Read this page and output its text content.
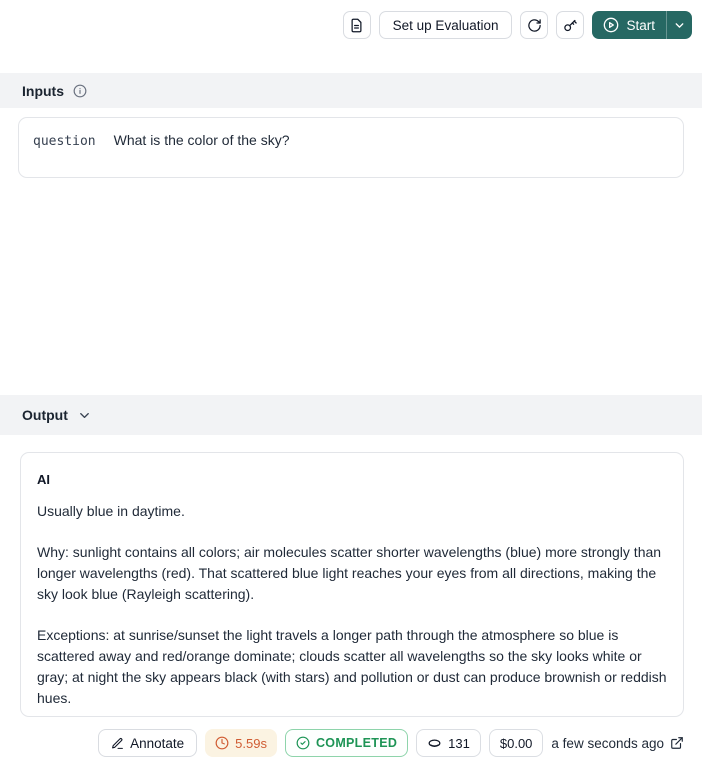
Set up Evaluation	Start
Inputs
question What is the color of the sky?
Output

AI

Usually blue in daytime.

Why: sunlight contains all colors; air molecules scatter shorter wavelengths (blue) more strongly than longer wavelengths (red). That scattered blue light reaches your eyes from all directions, making the sky look blue (Rayleigh scattering).

Exceptions: at sunrise/sunset the light travels a longer path through the atmosphere so blue is scattered away and red/orange dominate; clouds scatter all wavelengths so the sky looks white or gray; at night the sky appears black (with stars) and pollution or dust can produce brownish or reddish hues.

Annotate	5.59s	COMPLETED	131 $0.00 a few seconds ago
